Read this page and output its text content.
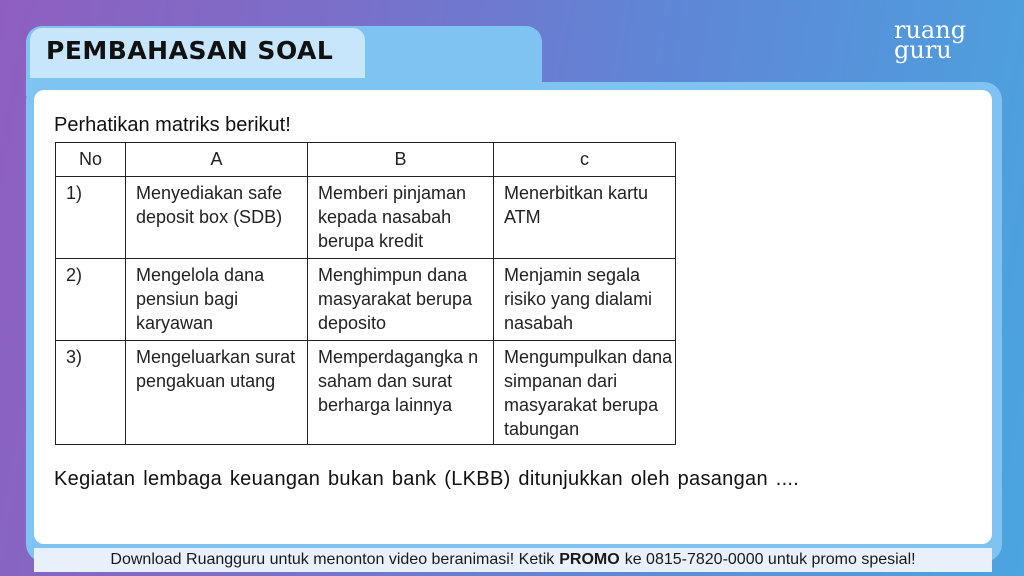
PEMBAHASAN SOAL
ruang
guru
Perhatikan matriks berikut!
No	A	B	c
1)	Menyediakan safe deposit box (SDB)	Memberi pinjaman kepada nasabah berupa kredit	Menerbitkan kartu ATM
2)	Mengelola dana pensiun bagi karyawan	Menghimpun dana masyarakat berupa deposito	Menjamin segala risiko yang dialami nasabah
3)	Mengeluarkan surat pengakuan utang	Memperdagangka n saham dan surat berharga lainnya	Mengumpulkan dana simpanan dari masyarakat berupa tabungan
Kegiatan lembaga keuangan bukan bank (LKBB) ditunjukkan oleh pasangan ....
Download Ruangguru untuk menonton video beranimasi! Ketik PROMO ke 0815-7820-0000 untuk promo spesial!
